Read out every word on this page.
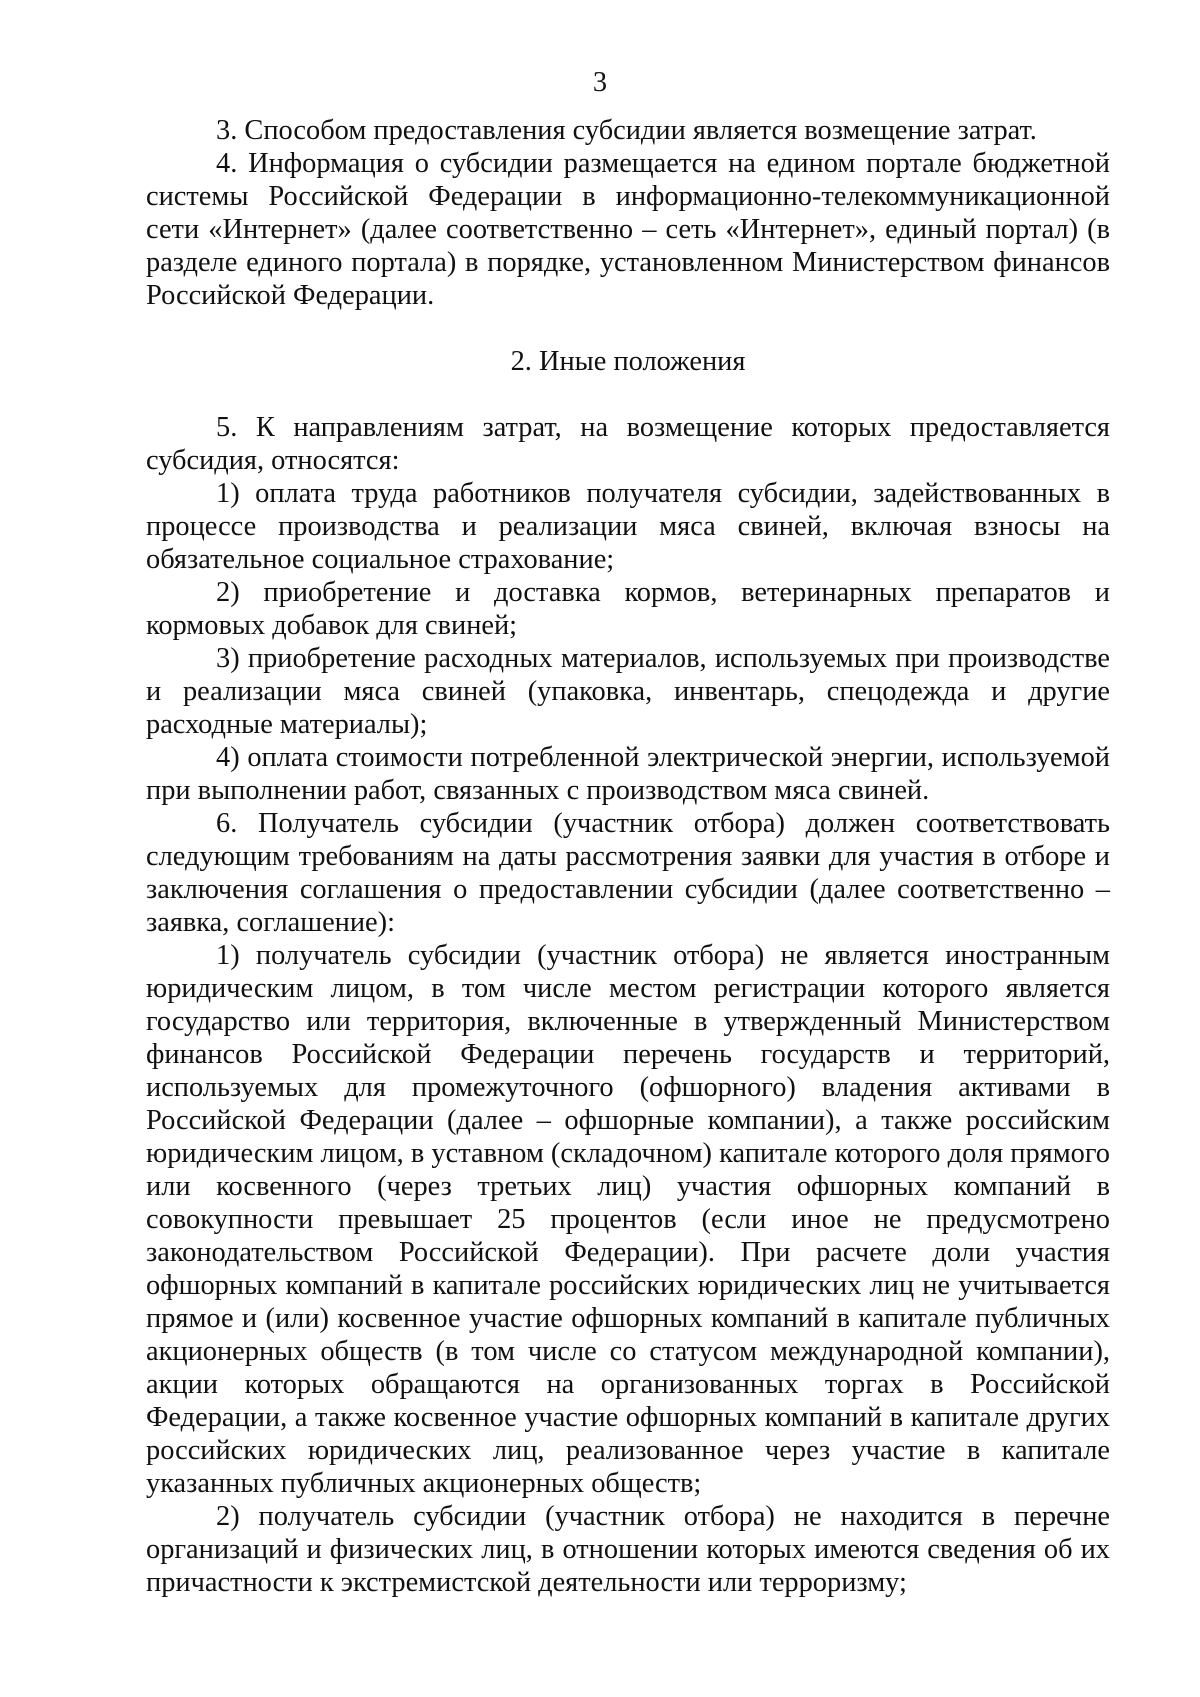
3

3. Способом предоставления субсидии является возмещение затрат.

4. Информация о субсидии размещается на едином портале бюджетной системы Российской Федерации в информационно-телекоммуникационной сети «Интернет» (далее соответственно – сеть «Интернет», единый портал) (в разделе единого портала) в порядке, установленном Министерством финансов Российской Федерации.

2. Иные положения

5. К направлениям затрат, на возмещение которых предоставляется субсидия, относятся:

1) оплата труда работников получателя субсидии, задействованных в процессе производства и реализации мяса свиней, включая взносы на обязательное социальное страхование;

2) приобретение и доставка кормов, ветеринарных препаратов и кормовых добавок для свиней;

3) приобретение расходных материалов, используемых при производстве и реализации мяса свиней (упаковка, инвентарь, спецодежда и другие расходные материалы);

4) оплата стоимости потребленной электрической энергии, используемой при выполнении работ, связанных с производством мяса свиней.

6. Получатель субсидии (участник отбора) должен соответствовать следующим требованиям на даты рассмотрения заявки для участия в отборе и заключения соглашения о предоставлении субсидии (далее соответственно – заявка, соглашение):

1) получатель субсидии (участник отбора) не является иностранным юридическим лицом, в том числе местом регистрации которого является государство или территория, включенные в утвержденный Министерством финансов Российской Федерации перечень государств и территорий, используемых для промежуточного (офшорного) владения активами в Российской Федерации (далее – офшорные компании), а также российским юридическим лицом, в уставном (складочном) капитале которого доля прямого или косвенного (через третьих лиц) участия офшорных компаний в совокупности превышает 25 процентов (если иное не предусмотрено законодательством Российской Федерации). При расчете доли участия офшорных компаний в капитале российских юридических лиц не учитывается прямое и (или) косвенное участие офшорных компаний в капитале публичных акционерных обществ (в том числе со статусом международной компании), акции которых обращаются на организованных торгах в Российской Федерации, а также косвенное участие офшорных компаний в капитале других российских юридических лиц, реализованное через участие в капитале указанных публичных акционерных обществ;

2) получатель субсидии (участник отбора) не находится в перечне организаций и физических лиц, в отношении которых имеются сведения об их причастности к экстремистской деятельности или терроризму;
